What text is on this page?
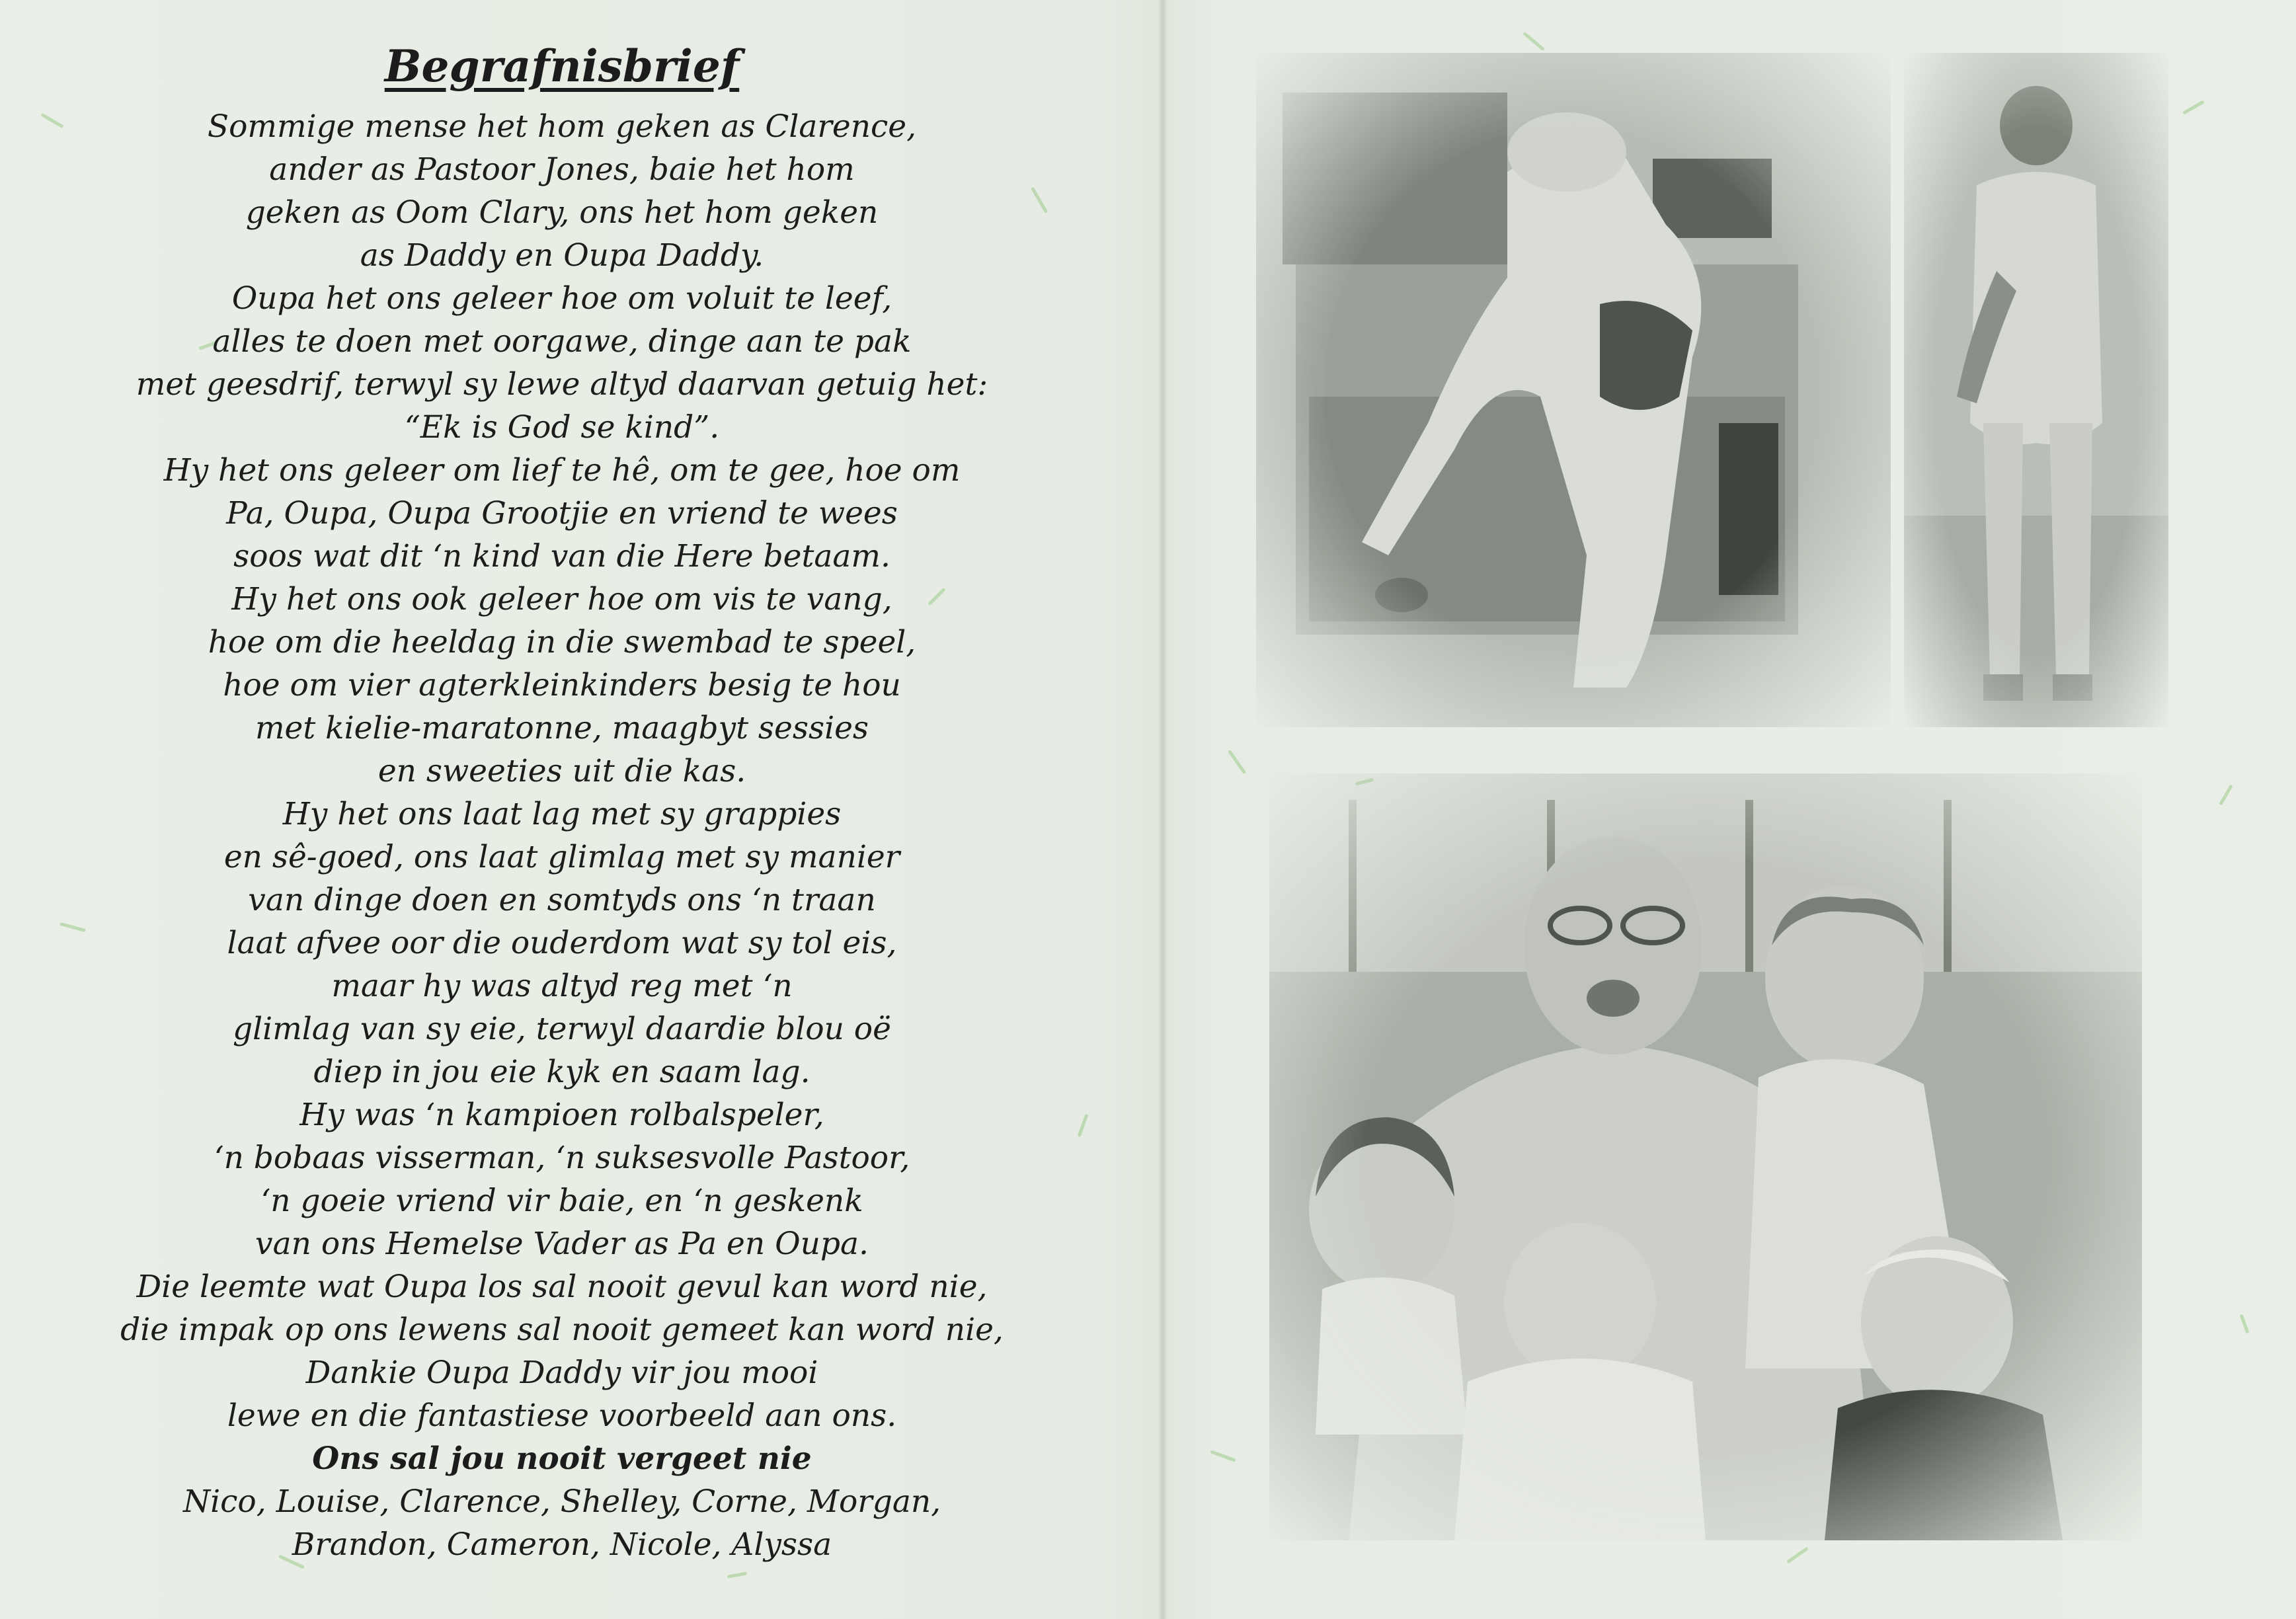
Begrafnisbrief
Sommige mense het hom geken as Clarence,
ander as Pastoor Jones, baie het hom
geken as Oom Clary, ons het hom geken
as Daddy en Oupa Daddy.
Oupa het ons geleer hoe om voluit te leef,
alles te doen met oorgawe, dinge aan te pak
met geesdrif, terwyl sy lewe altyd daarvan getuig het:
“Ek is God se kind”.
Hy het ons geleer om lief te hê, om te gee, hoe om
Pa, Oupa, Oupa Grootjie en vriend te wees
soos wat dit ‘n kind van die Here betaam.
Hy het ons ook geleer hoe om vis te vang,
hoe om die heeldag in die swembad te speel,
hoe om vier agterkleinkinders besig te hou
met kielie-maratonne, maagbyt sessies
en sweeties uit die kas.
Hy het ons laat lag met sy grappies
en sê-goed, ons laat glimlag met sy manier
van dinge doen en somtyds ons ‘n traan
laat afvee oor die ouderdom wat sy tol eis,
maar hy was altyd reg met ‘n
glimlag van sy eie, terwyl daardie blou oë
diep in jou eie kyk en saam lag.
Hy was ‘n kampioen rolbalspeler,
‘n bobaas visserman, ‘n suksesvolle Pastoor,
‘n goeie vriend vir baie, en ‘n geskenk
van ons Hemelse Vader as Pa en Oupa.
Die leemte wat Oupa los sal nooit gevul kan word nie,
die impak op ons lewens sal nooit gemeet kan word nie,
Dankie Oupa Daddy vir jou mooi
lewe en die fantastiese voorbeeld aan ons.
Ons sal jou nooit vergeet nie
Nico, Louise, Clarence, Shelley, Corne, Morgan,
Brandon, Cameron, Nicole, Alyssa
